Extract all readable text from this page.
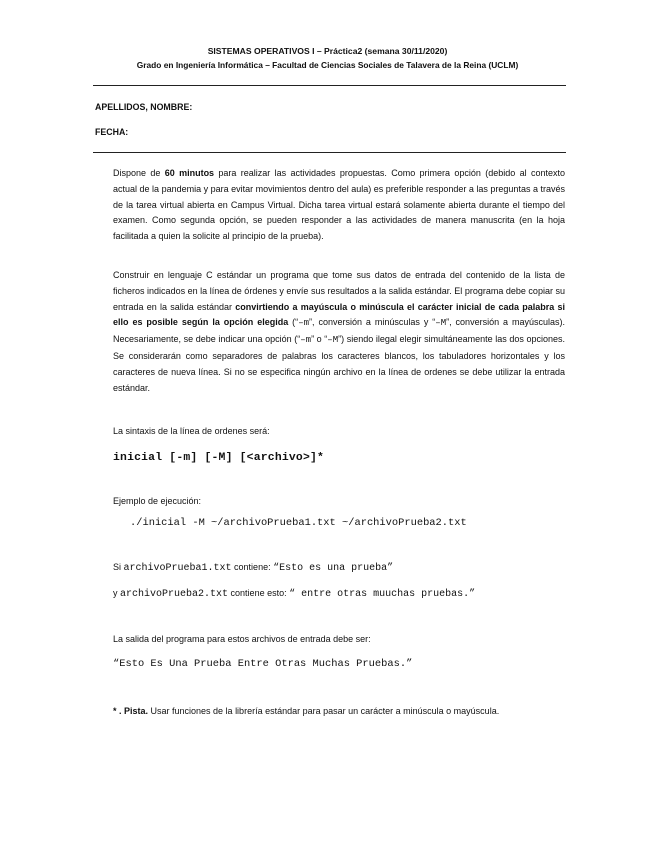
SISTEMAS OPERATIVOS I – Práctica2 (semana 30/11/2020)
Grado en Ingeniería Informática – Facultad de Ciencias Sociales de Talavera de la Reina (UCLM)
APELLIDOS, NOMBRE:
FECHA:

Dispone de 60 minutos para realizar las actividades propuestas. Como primera opción (debido al contexto actual de la pandemia y para evitar movimientos dentro del aula) es preferible responder a las preguntas a través de la tarea virtual abierta en Campus Virtual. Dicha tarea virtual estará solamente abierta durante el tiempo del examen. Como segunda opción, se pueden responder a las actividades de manera manuscrita (en la hoja facilitada a quien la solicite al principio de la prueba).

Construir en lenguaje C estándar un programa que tome sus datos de entrada del contenido de la lista de ficheros indicados en la línea de órdenes y envíe sus resultados a la salida estándar. El programa debe copiar su entrada en la salida estándar convirtiendo a mayúscula o minúscula el carácter inicial de cada palabra si ello es posible según la opción elegida (“–m”, conversión a minúsculas y “–M”, conversión a mayúsculas). Necesariamente, se debe indicar una opción (“–m” o “–M”) siendo ilegal elegir simultáneamente las dos opciones. Se considerarán como separadores de palabras los caracteres blancos, los tabuladores horizontales y los caracteres de nueva línea. Si no se especifica ningún archivo en la línea de ordenes se debe utilizar la entrada estándar.

La sintaxis de la línea de ordenes será:
inicial [-m] [-M] [<archivo>]*
Ejemplo de ejecución:
./inicial -M ~/archivoPrueba1.txt ~/archivoPrueba2.txt
Si archivoPrueba1.txt contiene: “Esto es una prueba”
y archivoPrueba2.txt contiene esto: “ entre otras muuchas pruebas.”
La salida del programa para estos archivos de entrada debe ser:
“Esto Es Una Prueba Entre Otras Muchas Pruebas.”
* . Pista. Usar funciones de la librería estándar para pasar un carácter a minúscula o mayúscula.
